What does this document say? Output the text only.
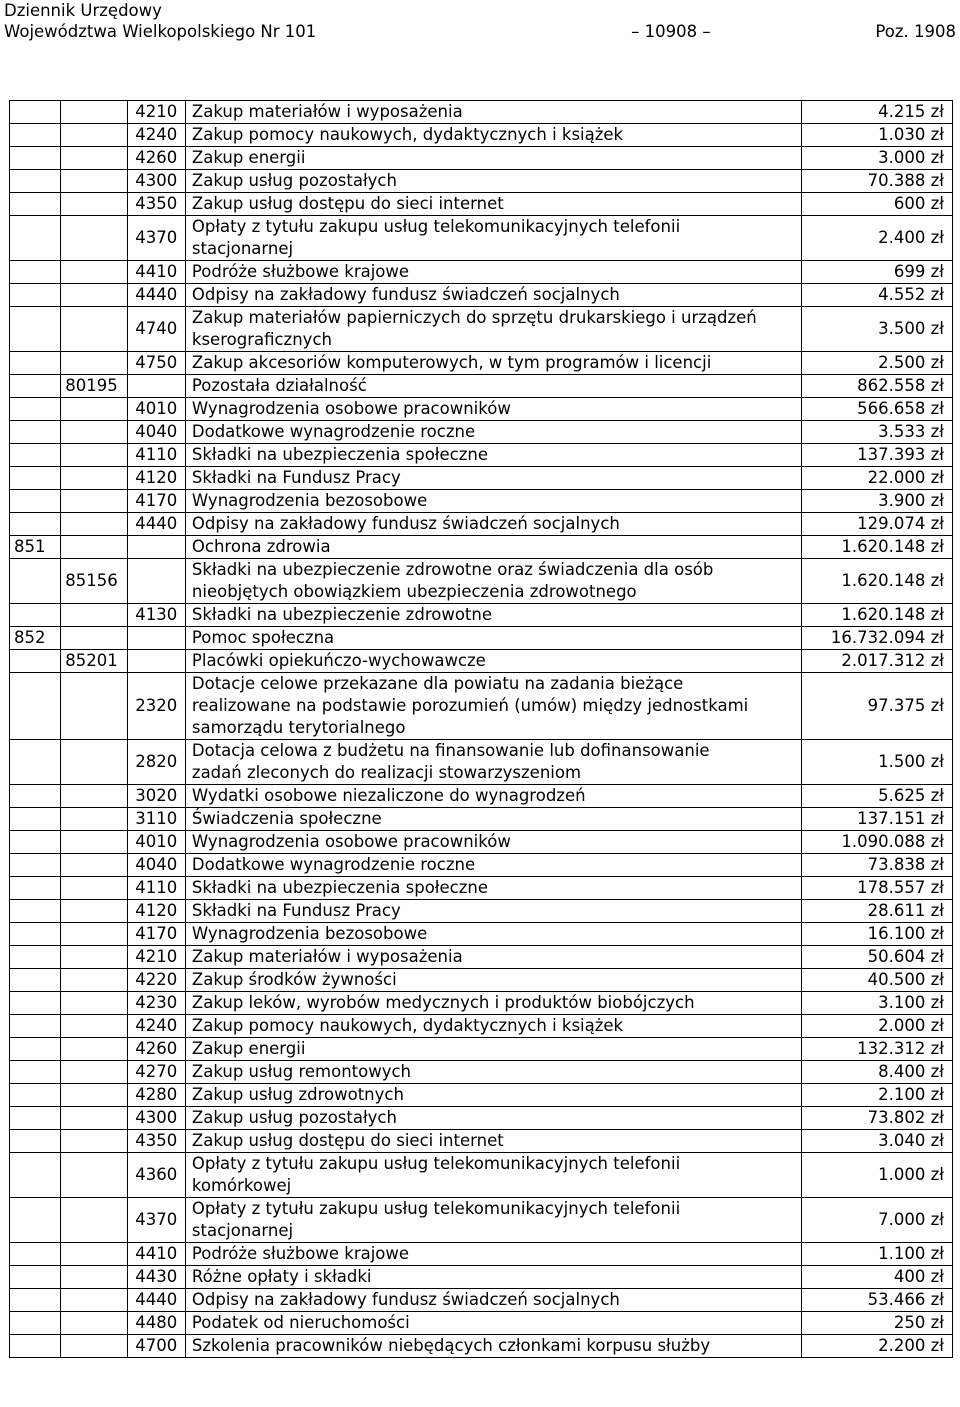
Dziennik Urzędowy
Województwa Wielkopolskiego Nr 101	– 10908 –	Poz. 1908
		4210	Zakup materiałów i wyposażenia	4.215 zł
		4240	Zakup pomocy naukowych, dydaktycznych i książek	1.030 zł
		4260	Zakup energii	3.000 zł
		4300	Zakup usług pozostałych	70.388 zł
		4350	Zakup usług dostępu do sieci internet	600 zł
		4370	Opłaty z tytułu zakupu usług telekomunikacyjnych telefonii
stacjonarnej	2.400 zł
		4410	Podróże służbowe krajowe	699 zł
		4440	Odpisy na zakładowy fundusz świadczeń socjalnych	4.552 zł
		4740	Zakup materiałów papierniczych do sprzętu drukarskiego i urządzeń
kserograficznych	3.500 zł
		4750	Zakup akcesoriów komputerowych, w tym programów i licencji	2.500 zł
	80195		Pozostała działalność	862.558 zł
		4010	Wynagrodzenia osobowe pracowników	566.658 zł
		4040	Dodatkowe wynagrodzenie roczne	3.533 zł
		4110	Składki na ubezpieczenia społeczne	137.393 zł
		4120	Składki na Fundusz Pracy	22.000 zł
		4170	Wynagrodzenia bezosobowe	3.900 zł
		4440	Odpisy na zakładowy fundusz świadczeń socjalnych	129.074 zł
851			Ochrona zdrowia	1.620.148 zł
	85156		Składki na ubezpieczenie zdrowotne oraz świadczenia dla osób
nieobjętych obowiązkiem ubezpieczenia zdrowotnego	1.620.148 zł
		4130	Składki na ubezpieczenie zdrowotne	1.620.148 zł
852			Pomoc społeczna	16.732.094 zł
	85201		Placówki opiekuńczo-wychowawcze	2.017.312 zł
		2320	Dotacje celowe przekazane dla powiatu na zadania bieżące
realizowane na podstawie porozumień (umów) między jednostkami
samorządu terytorialnego	97.375 zł
		2820	Dotacja celowa z budżetu na finansowanie lub dofinansowanie
zadań zleconych do realizacji stowarzyszeniom	1.500 zł
		3020	Wydatki osobowe niezaliczone do wynagrodzeń	5.625 zł
		3110	Świadczenia społeczne	137.151 zł
		4010	Wynagrodzenia osobowe pracowników	1.090.088 zł
		4040	Dodatkowe wynagrodzenie roczne	73.838 zł
		4110	Składki na ubezpieczenia społeczne	178.557 zł
		4120	Składki na Fundusz Pracy	28.611 zł
		4170	Wynagrodzenia bezosobowe	16.100 zł
		4210	Zakup materiałów i wyposażenia	50.604 zł
		4220	Zakup środków żywności	40.500 zł
		4230	Zakup leków, wyrobów medycznych i produktów biobójczych	3.100 zł
		4240	Zakup pomocy naukowych, dydaktycznych i książek	2.000 zł
		4260	Zakup energii	132.312 zł
		4270	Zakup usług remontowych	8.400 zł
		4280	Zakup usług zdrowotnych	2.100 zł
		4300	Zakup usług pozostałych	73.802 zł
		4350	Zakup usług dostępu do sieci internet	3.040 zł
		4360	Opłaty z tytułu zakupu usług telekomunikacyjnych telefonii
komórkowej	1.000 zł
		4370	Opłaty z tytułu zakupu usług telekomunikacyjnych telefonii
stacjonarnej	7.000 zł
		4410	Podróże służbowe krajowe	1.100 zł
		4430	Różne opłaty i składki	400 zł
		4440	Odpisy na zakładowy fundusz świadczeń socjalnych	53.466 zł
		4480	Podatek od nieruchomości	250 zł
		4700	Szkolenia pracowników niebędących członkami korpusu służby	2.200 zł
